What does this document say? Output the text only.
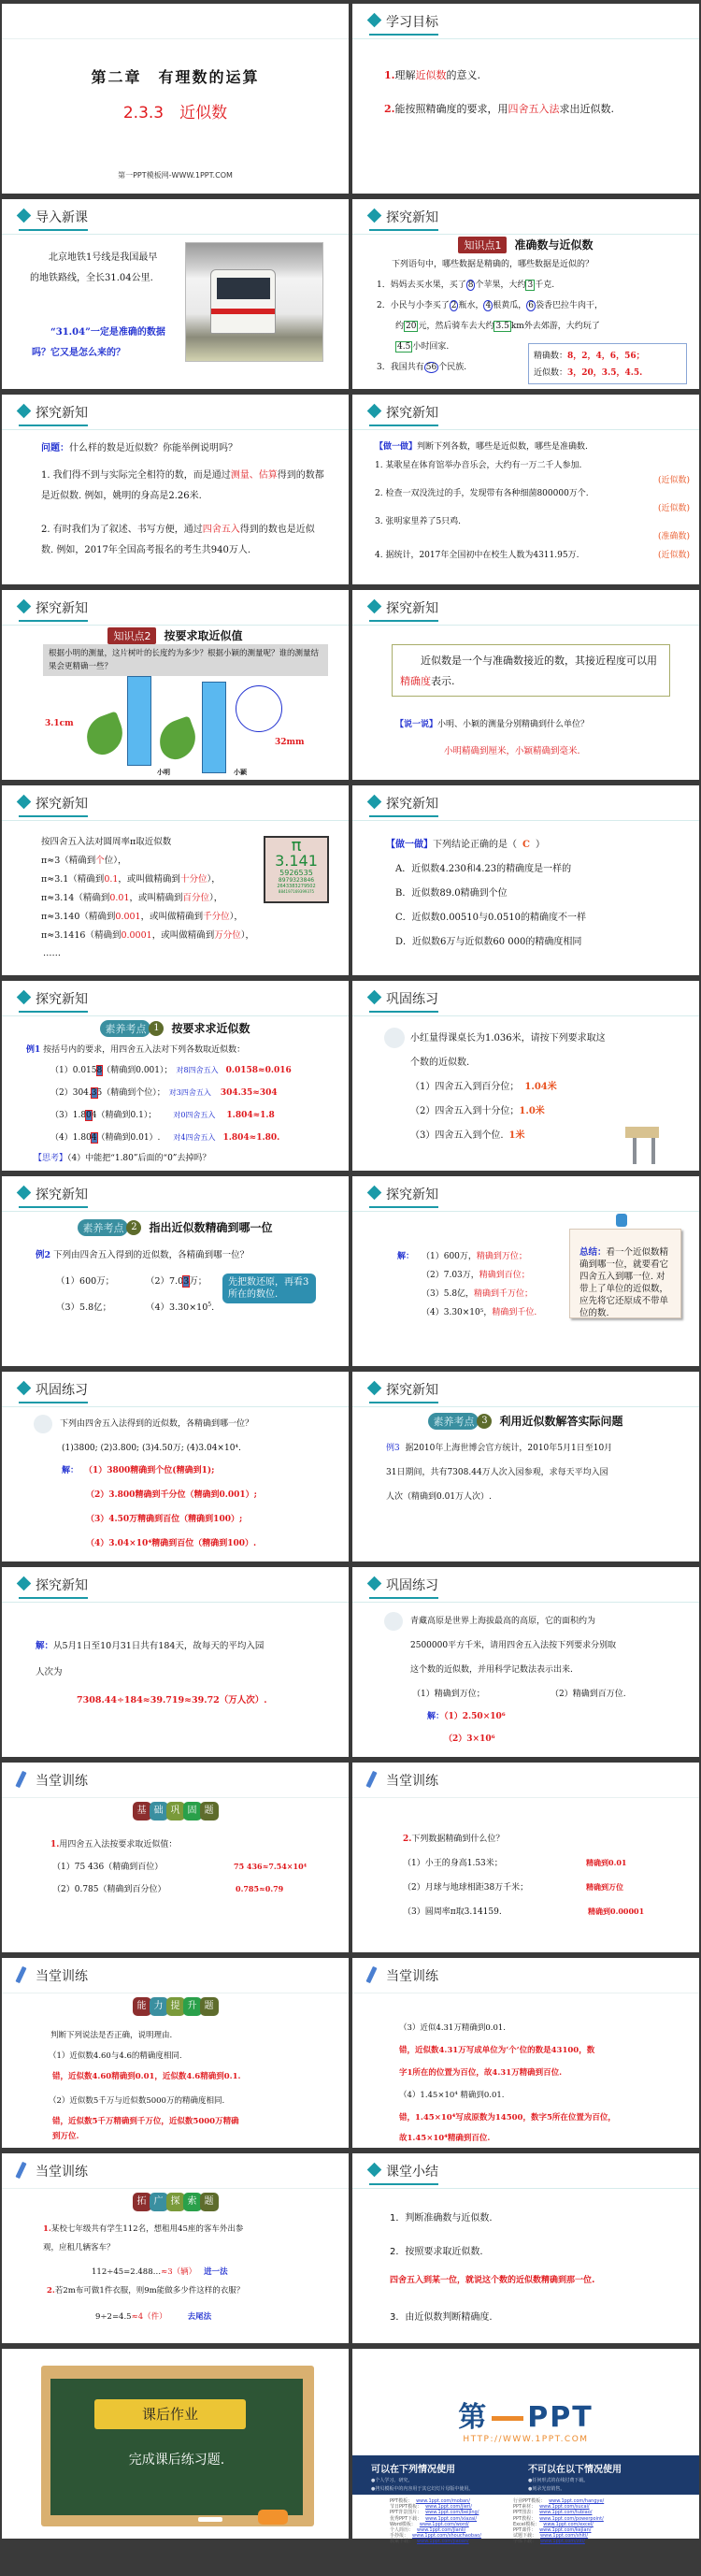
第二章　有理数的运算
2.3.3　近似数
第一PPT模板网-WWW.1PPT.COM
学习目标
1.理解近似数的意义.
2.能按照精确度的要求，用四舍五入法求出近似数.
导入新课
北京地铁1号线是我国最早的地铁路线，全长31.04公里.
“31.04”一定是准确的数据吗？它又是怎么来的？
探究新知
知识点1 准确数与近似数
下列语句中，哪些数据是精确的，哪些数据是近似的？
1．妈妈去买水果，买了 8 个苹果，大约 3 千克.
2．小民与小李买了 2 瓶水， 4 根黄瓜， 6 袋香巴拉牛肉干，
约 20 元，然后骑车去大约 3.5 km外去郊游，大约玩了
4.5 小时回家.
3．我国共有 56 个民族.
精确数：8，2，4，6，56；
近似数：3，20，3.5，4.5.
探究新知
问题：什么样的数是近似数？你能举例说明吗？
1. 我们得不到与实际完全相符的数，而是通过测量、估算得到的数都是近似数. 例如，姚明的身高是2.26米.
2. 有时我们为了叙述、书写方便，通过四舍五入得到的数也是近似数. 例如，2017年全国高考报名的考生共940万人.
探究新知
【做一做】判断下列各数，哪些是近似数，哪些是准确数.
1. 某歌星在体育馆举办音乐会，大约有一万二千人参加.
(近似数)
2. 检查一双没洗过的手，发现带有各种细菌800000万个.
(近似数)
3. 张明家里养了5只鸡.
(准确数)
4. 据统计，2017年全国初中在校生人数为4311.95万.	(近似数)
探究新知
知识点2 按要求取近似值
根据小明的测量，这片树叶的长度约为多少？根据小颖的测量呢？谁的测量结果会更精确一些？
3.1cm
小明	小颖
32mm
探究新知
近似数是一个与准确数接近的数，其接近程度可以用精确度表示.
【说一说】小明、小颖的测量分别精确到什么单位？
小明精确到厘米，小颖精确到毫米.
探究新知
按四舍五入法对圆周率π取近似数
π≈3（精确到个位），
π≈3.1（精确到0.1，或叫做精确到十分位），
π≈3.14（精确到0.01，或叫精确到百分位），
π≈3.140（精确到0.001，或叫做精确到千分位），
π≈3.1416（精确到0.0001，或叫做精确到万分位），
……
π
3.141
5926535
8979323846
2643383279502
884197169399375
探究新知
【做一做】下列结论正确的是（ C ）
A．近似数4.230和4.23的精确度是一样的
B．近似数89.0精确到个位
C．近似数0.00510与0.0510的精确度不一样
D．近似数6万与近似数60 000的精确度相同
探究新知
素养考点 1	按要求求近似数
例1 按括号内的要求，用四舍五入法对下列各数取近似数：
（1）0.0158（精确到0.001）； 对8四舍五入 0.0158≈0.016
（2）304.35（精确到个位）； 对3四舍五入 304.35≈304
（3）1.804（精确到0.1）； 对0四舍五入 1.804≈1.8
（4）1.804（精确到0.01）. 对4四舍五入 1.804≈1.80.
【思考】（4）中能把“1.80”后面的“0”去掉吗？
巩固练习
小红量得课桌长为1.036米，请按下列要求取这
个数的近似数.
（1）四舍五入到百分位； 1.04米
（2）四舍五入到十分位；1.0米
（3）四舍五入到个位. 1米
探究新知
素养考点 2	指出近似数精确到哪一位
例2 下列由四舍五入得到的近似数，各精确到哪一位？
（1）600万；	（2）7.03万；
（3）5.8亿；	$(4)3.30\times 10^5$.
先把数还原，再看3所在的数位.
探究新知
解： （1）600万，精确到万位；
（2）7.03万，精确到百位；
（3）5.8亿，精确到千万位；
（4）3.30×10⁵，精确到千位.
总结：看一个近似数精确到哪一位，就要看它四舍五入到哪一位. 对带上了单位的近似数，应先将它还原成不带单位的数.
巩固练习
下列由四舍五入法得到的近似数，各精确到哪一位？
(1)3800; (2)3.800; (3)4.50万; (4)3.04×10⁴.
解： （1）3800精确到个位(精确到1);
（2）3.800精确到千分位（精确到0.001）;
（3）4.50万精确到百位（精确到100）;
（4）3.04×10⁴精确到百位（精确到100）.
探究新知
素养考点 3	利用近似数解答实际问题
例3 据2010年上海世博会官方统计，2010年5月1日至10月
31日期间，共有7308.44万人次入园参观，求每天平均入园
人次（精确到0.01万人次）.
探究新知
解：从5月1日至10月31日共有184天，故每天的平均入园
人次为
7308.44÷184≈39.719≈39.72（万人次）.
巩固练习
青藏高原是世界上海拔最高的高原，它的面积约为
2500000平方千米，请用四舍五入法按下列要求分别取
这个数的近似数，并用科学记数法表示出来.
（1）精确到万位；	（2）精确到百万位.
解：（1）2.50×10⁶
（2）3×10⁶
当堂训练
基 础 巩 固 题
1.用四舍五入法按要求取近似值：
（1）75 436（精确到百位）	75 436≈7.54×10⁴
（2）0.785（精确到百分位）	0.785≈0.79
当堂训练
2.下列数据精确到什么位？
（1）小王的身高1.53米；	精确到0.01
（2）月球与地球相距38万千米；	精确到万位
（3）圆周率π取3.14159.	精确到0.00001
当堂训练
能 力 提 升 题
判断下列说法是否正确，说明理由.
（1）近似数4.60与4.6的精确度相同.
错，近似数4.60精确到0.01，近似数4.6精确到0.1.
（2）近似数5千万与近似数5000万的精确度相同.
错，近似数5千万精确到千万位，近似数5000万精确
到万位.
当堂训练
（3）近似4.31万精确到0.01.
错，近似数4.31万写成单位为‘个’位的数是43100，数
字1所在的位置为百位，故4.31万精确到百位.
（4）1.45×10⁴ 精确到0.01.
错，1.45×10⁴写成原数为14500，数字5所在位置为百位，
故1.45×10⁴精确到百位.
当堂训练
拓 广 探 索 题
1.某校七年级共有学生112名，想租用45座的客车外出参
观，应租几辆客车？
112÷45=2.488…≈3（辆） 进一法
2.若2m布可做1件衣服，则9m能做多少件这样的衣服？
9÷2=4.5≈4（件）	去尾法
课堂小结
1．判断准确数与近似数.
2．按照要求取近似数.
四舍五入到某一位，就说这个数的近似数精确到那一位.
3．由近似数判断精确度.
课后作业
完成课后练习题.
第 PPT
HTTP://WWW.1PPT.COM
可以在下列情况使用
●个人学习、研究。
●拷贝模板中的内容用于其它幻灯片母版中使用。
不可以在以下情况使用
●任何形式的在线付费下载。
●刻录光盘销售。
PPT模板： www.1ppt.com/moban/
节日PPT模板： www.1ppt.com/jieri/
PPT背景图片： www.1ppt.com/beijing/
优秀PPT下载： www.1ppt.com/xiazai/
Word模板： www.1ppt.com/word/
个人简历： www.1ppt.com/jianli/
手抄报： www.1ppt.com/shouchaobao/
教案下载： www.1ppt.com/jiaoan/
行业PPT模板： www.1ppt.com/hangye/
PPT素材： www.1ppt.com/sucai/
PPT图表： www.1ppt.com/tubiao/
PPT教程： www.1ppt.com/powerpoint/
Excel模板： www.1ppt.com/excel/
PPT课件： www.1ppt.com/kejian/
试题下载： www.1ppt.com/shiti/
字体下载： www.1ppt.com/ziti/
